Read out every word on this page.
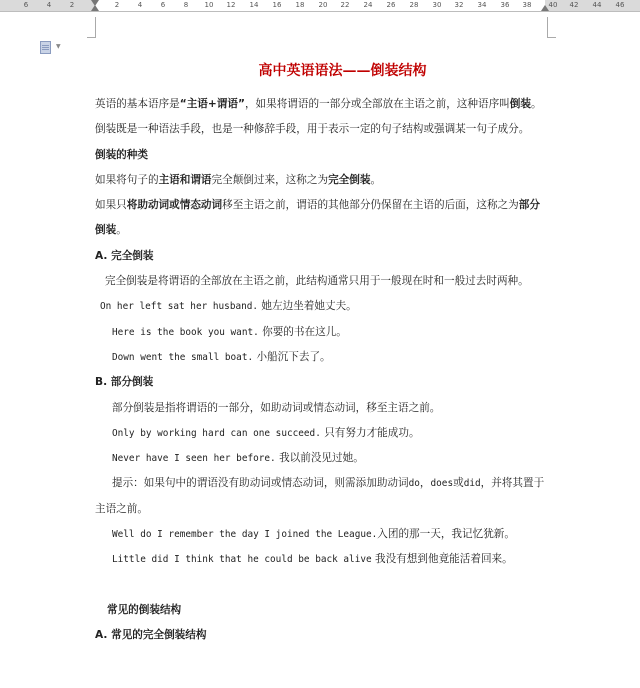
6	4	2	2	4	6	8 10 12 14 16 18 20 22 24 26 28 30 32 34 36 38 40 42 44 46
▼
高中英语语法——倒装结构

英语的基本语序是“主语+谓语”，如果将谓语的一部分或全部放在主语之前，这种语序叫倒装。倒装既是一种语法手段，也是一种修辞手段，用于表示一定的句子结构或强调某一句子成分。

倒装的种类

如果将句子的主语和谓语完全颠倒过来，这称之为完全倒装。

如果只将助动词或情态动词移至主语之前，谓语的其他部分仍保留在主语的后面，这称之为部分倒装。

A. 完全倒装

完全倒装是将谓语的全部放在主语之前，此结构通常只用于一般现在时和一般过去时两种。

On her left sat her husband. 她左边坐着她丈夫。

Here is the book you want. 你要的书在这儿。

Down went the small boat. 小船沉下去了。

B. 部分倒装

部分倒装是指将谓语的一部分，如助动词或情态动词，移至主语之前。

Only by working hard can one succeed. 只有努力才能成功。

Never have I seen her before. 我以前没见过她。

提示：如果句中的谓语没有助动词或情态动词，则需添加助动词do，does或did，并将其置于主语之前。

Well do I remember the day I joined the League.入团的那一天，我记忆犹新。

Little did I think that he could be back alive 我没有想到他竟能活着回来。

常见的倒装结构

A. 常见的完全倒装结构
